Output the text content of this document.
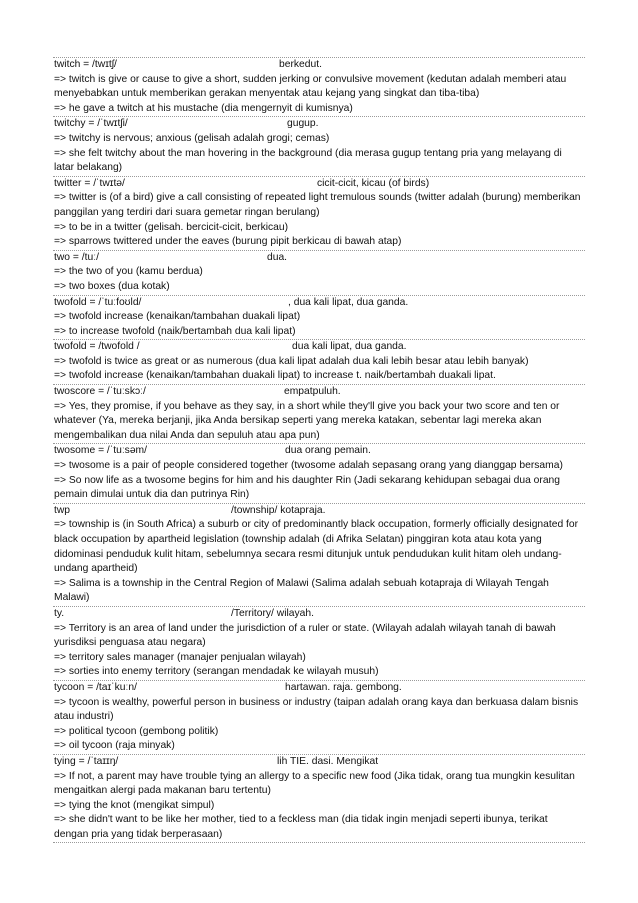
twitch = /twɪtʃ/	berkedut.
=> twitch is give or cause to give a short, sudden jerking or convulsive movement (kedutan adalah memberi atau menyebabkan untuk memberikan gerakan menyentak atau kejang yang singkat dan tiba-tiba)
=> he gave a twitch at his mustache (dia mengernyit di kumisnya)
twitchy = /ˈtwɪtʃi/	gugup.
=> twitchy is nervous; anxious (gelisah adalah grogi; cemas)
=> she felt twitchy about the man hovering in the background (dia merasa gugup tentang pria yang melayang di latar belakang)
twitter = /ˈtwɪtə/	cicit-cicit, kicau (of birds)
=> twitter is (of a bird) give a call consisting of repeated light tremulous sounds (twitter adalah (burung) memberikan panggilan yang terdiri dari suara gemetar ringan berulang)
=> to be in a twitter (gelisah. bercicit-cicit, berkicau)
=> sparrows twittered under the eaves (burung pipit berkicau di bawah atap)
two = /tuː/	dua.
=> the two of you (kamu berdua)
=> two boxes (dua kotak)
twofold = /ˈtuːfoʊld/	, dua kali lipat, dua ganda.
=> twofold increase (kenaikan/tambahan duakali lipat)
=> to increase twofold (naik/bertambah dua kali lipat)
twofold = /twofold /	dua kali lipat, dua ganda.
=> twofold is twice as great or as numerous (dua kali lipat adalah dua kali lebih besar atau lebih banyak)
=> twofold increase (kenaikan/tambahan duakali lipat) to increase t. naik/bertambah duakali lipat.
twoscore = /ˈtuːskɔː/	empatpuluh.
=> Yes, they promise, if you behave as they say, in a short while they'll give you back your two score and ten or whatever (Ya, mereka berjanji, jika Anda bersikap seperti yang mereka katakan, sebentar lagi mereka akan mengembalikan dua nilai Anda dan sepuluh atau apa pun)
twosome = /ˈtuːsəm/	dua orang pemain.
=> twosome is a pair of people considered together (twosome adalah sepasang orang yang dianggap bersama)
=> So now life as a twosome begins for him and his daughter Rin (Jadi sekarang kehidupan sebagai dua orang pemain dimulai untuk dia dan putrinya Rin)
twp	/township/ kotapraja.
=> township is (in South Africa) a suburb or city of predominantly black occupation, formerly officially designated for black occupation by apartheid legislation (township adalah (di Afrika Selatan) pinggiran kota atau kota yang didominasi penduduk kulit hitam, sebelumnya secara resmi ditunjuk untuk pendudukan kulit hitam oleh undang-undang apartheid)
=> Salima is a township in the Central Region of Malawi (Salima adalah sebuah kotapraja di Wilayah Tengah Malawi)
ty.	/Territory/ wilayah.
=> Territory is an area of land under the jurisdiction of a ruler or state. (Wilayah adalah wilayah tanah di bawah yurisdiksi penguasa atau negara)
=> territory sales manager (manajer penjualan wilayah)
=> sorties into enemy territory (serangan mendadak ke wilayah musuh)
tycoon = /taɪˈkuːn/	hartawan. raja. gembong.
=> tycoon is wealthy, powerful person in business or industry (taipan adalah orang kaya dan berkuasa dalam bisnis atau industri)
=> political tycoon (gembong politik)
=> oil tycoon (raja minyak)
tying = /ˈtaɪɪŋ/	lih TIE. dasi. Mengikat
=> If not, a parent may have trouble tying an allergy to a specific new food (Jika tidak, orang tua mungkin kesulitan mengaitkan alergi pada makanan baru tertentu)
=> tying the knot (mengikat simpul)
=> she didn't want to be like her mother, tied to a feckless man (dia tidak ingin menjadi seperti ibunya, terikat dengan pria yang tidak berperasaan)
